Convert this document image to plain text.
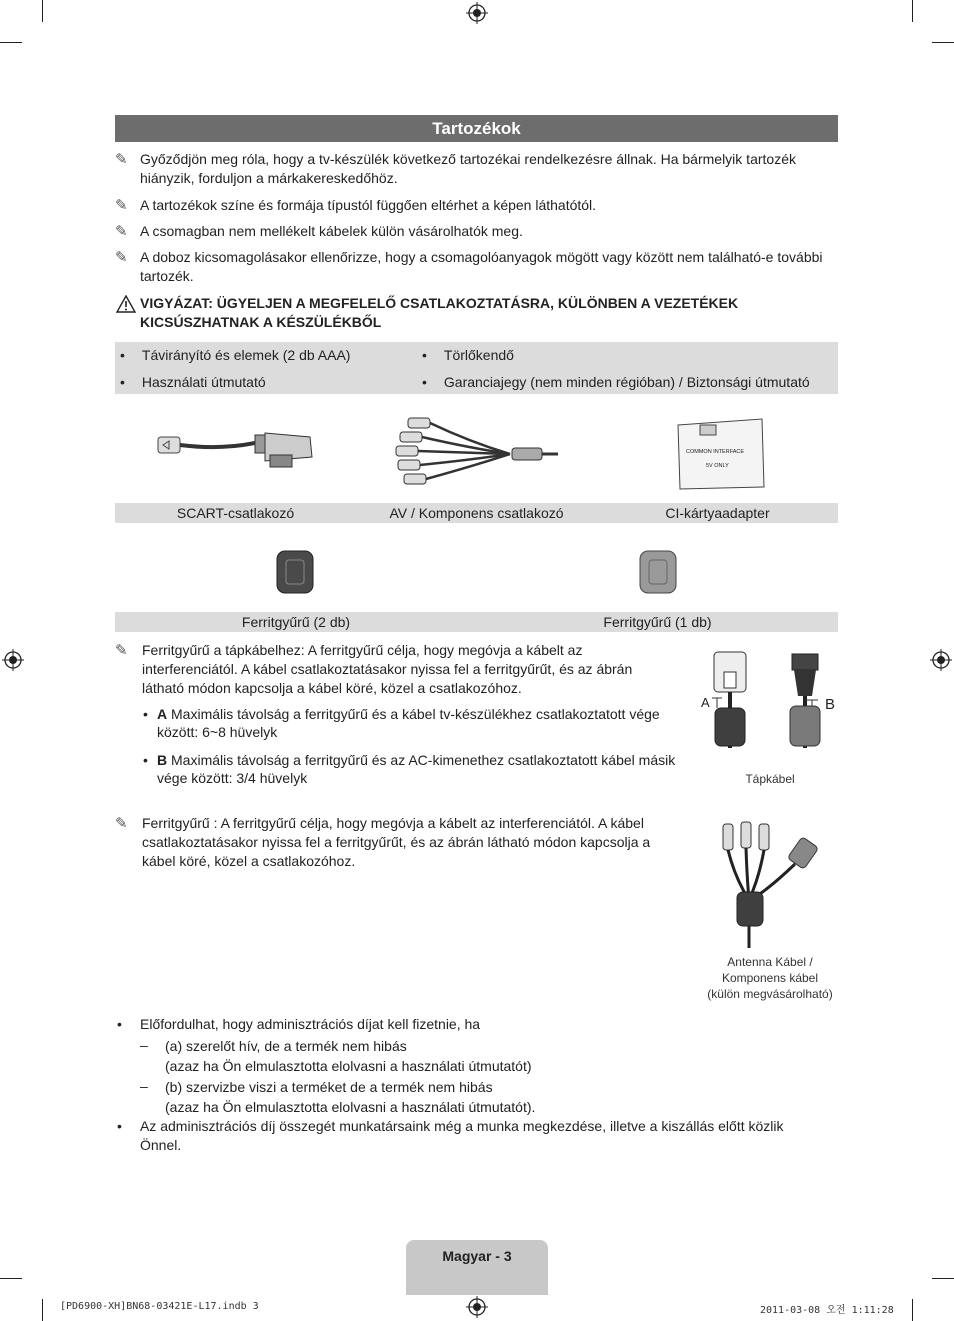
Tartozékok
✎ Győződjön meg róla, hogy a tv-készülék következő tartozékai rendelkezésre állnak. Ha bármelyik tartozék hiányzik, forduljon a márkakereskedőhöz.
✎ A tartozékok színe és formája típustól függően eltérhet a képen láthatótól.
✎ A csomagban nem mellékelt kábelek külön vásárolhatók meg.
✎ A doboz kicsomagolásakor ellenőrizze, hogy a csomagolóanyagok mögött vagy között nem található-e további tartozék.
VIGYÁZAT: ÜGYELJEN A MEGFELELŐ CSATLAKOZTATÁSRA, KÜLÖNBEN A VEZETÉKEK KICSÚSZHATNAK A KÉSZÜLÉKBŐL
• Távirányító és elemek (2 db AAA)	• Törlőkendő
• Használati útmutató	• Garanciajegy (nem minden régióban) / Biztonsági útmutató
COMMON INTERFACE
5V ONLY
SCART-csatlakozó	AV / Komponens csatlakozó	CI-kártyaadapter
Ferritgyűrű (2 db)	Ferritgyűrű (1 db)
✎	Ferritgyűrű a tápkábelhez: A ferritgyűrű célja, hogy megóvja a kábelt az interferenciától. A kábel csatlakoztatásakor nyissa fel a ferritgyűrűt, és az ábrán látható módon kapcsolja a kábel köré, közel a csatlakozóhoz.
• A Maximális távolság a ferritgyűrű és a kábel tv-készülékhez csatlakoztatott vége között: 6~8 hüvelyk
• B Maximális távolság a ferritgyűrű és az AC-kimenethez csatlakoztatott kábel másik vége között: 3/4 hüvelyk
A	B
Tápkábel
✎	Ferritgyűrű : A ferritgyűrű célja, hogy megóvja a kábelt az interferenciától. A kábel csatlakoztatásakor nyissa fel a ferritgyűrűt, és az ábrán látható módon kapcsolja a kábel köré, közel a csatlakozóhoz.
Antenna Kábel /
Komponens kábel
(külön megvásárolható)
• Előfordulhat, hogy adminisztrációs díjat kell fizetnie, ha
– (a) szerelőt hív, de a termék nem hibás
(azaz ha Ön elmulasztotta elolvasni a használati útmutatót)
– (b) szervizbe viszi a terméket de a termék nem hibás
(azaz ha Ön elmulasztotta elolvasni a használati útmutatót).
• Az adminisztrációs díj összegét munkatársaink még a munka megkezdése, illetve a kiszállás előtt közlik Önnel.
Magyar - 3
[PD6900-XH]BN68-03421E-L17.indb 3	2011-03-08 오전 1:11:28
